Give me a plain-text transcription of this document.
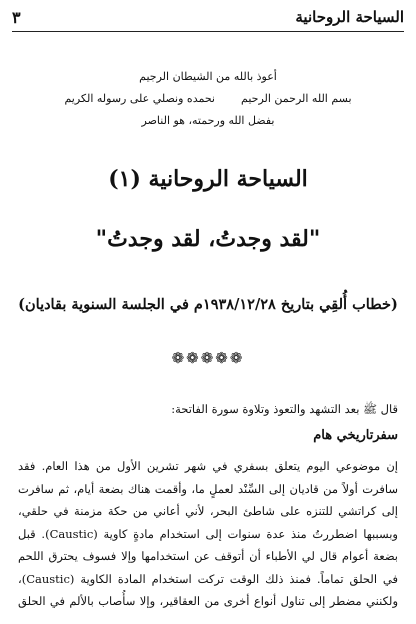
السياحة الروحانية
٣
أعوذ بالله من الشيطان الرجيم
بسم الله الرحمن الرحيم
نحمده ونصلي على رسوله الكريم
بفضل الله ورحمته، هو الناصر
السياحة الروحانية (١)
"لقد وجدتُ، لقد وجدتُ"
(خطاب أُلقِي بتاريخ ١٩٣٨/١٢/٢٨م في الجلسة السنوية بقاديان)
❁❁❁❁❁
قال ﷺ بعد التشهد والتعوذ وتلاوة سورة الفاتحة:
سفرتاريخي هام
إن موضوعي اليوم يتعلق بسفري في شهر تشرين الأول من هذا العام. فقد
سافرت أولاً من قاديان إلى السِّنْد لعملٍ ما، وأقمت هناك بضعة أيام، ثم سافرت
إلى كراتشي للتنزه على شاطئ البحر، لأني أعاني من حكة مزمنة في حلقي،
وبسببها اضطررتُ منذ عدة سنوات إلى استخدام مادةٍ كاوية (Caustic). قبل
بضعة أعوام قال لي الأطباء أن أتوقف عن استخدامها وإلا فسوف يحترق اللحم
في الحلق تماماً. فمنذ ذلك الوقت تركت استخدام المادة الكاوية (Caustic)،
ولكنني مضطر إلى تناول أنواع أخرى من العقاقير، وإلا سأُصاب بالألم في الحلق
